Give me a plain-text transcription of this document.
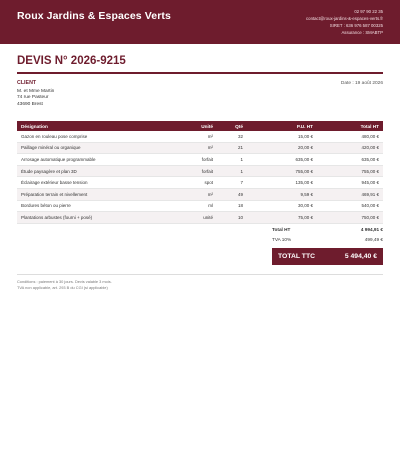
Roux Jardins & Espaces Verts	02 97 90 22 35
contact@roux-jardins-&-espaces-verts.fr
SIRET : 636 976 587 00325
Assurance : SMABTP
DEVIS N° 2026-9215
CLIENT
M. et Mme Martin
74 rue Pasteur
43690 Brest
Date : 19 août 2026
Désignation	Unité	Qté	P.U. HT	Total HT
Gazon en rouleau pose comprise	m²	32	15,00 €	480,00 €
Paillage minéral ou organique	m²	21	20,00 €	420,00 €
Arrosage automatique programmable	forfait	1	635,00 €	635,00 €
Étude paysagère et plan 3D	forfait	1	755,00 €	755,00 €
Éclairage extérieur basse tension	spot	7	135,00 €	945,00 €
Préparation terrain et nivellement	m²	49	9,59 €	469,91 €
Bordures béton ou pierre	ml	18	30,00 €	540,00 €
Plantations arbustes (fourni + posé)	unité	10	75,00 €	750,00 €
Total HT	4 994,91 €
TVA 10%	499,49 €
TOTAL TTC	5 494,40 €
Conditions : paiement à 30 jours. Devis valable 3 mois.
TVA non applicable, art. 293 B du CGI (si applicable)
